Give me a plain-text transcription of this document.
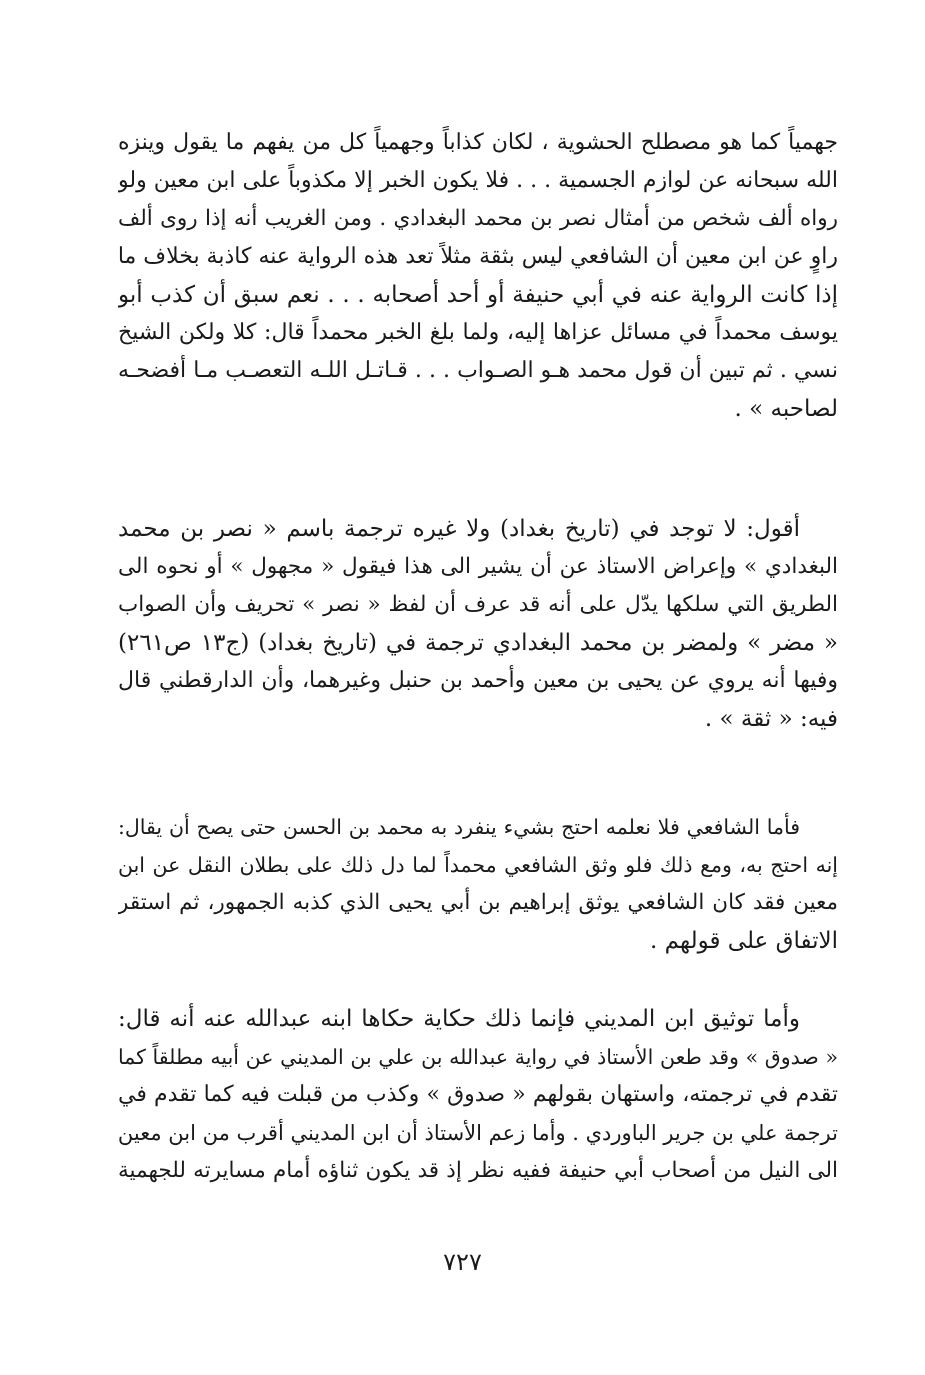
جهمياً كما هو مصطلح الحشوية ، لكان كذاباً وجهمياً كل من يفهم ما يقول وينزه
الله سبحانه عن لوازم الجسمية . . . فلا يكون الخبر إلا مكذوباً على ابن معين ولو
رواه ألف شخص من أمثال نصر بن محمد البغدادي . ومن الغريب أنه إذا روى ألف
راوٍ عن ابن معين أن الشافعي ليس بثقة مثلاً تعد هذه الرواية عنه كاذبة بخلاف ما
إذا كانت الرواية عنه في أبي حنيفة أو أحد أصحابه . . . نعم سبق أن كذب أبو
يوسف محمداً في مسائل عزاها إليه، ولما بلغ الخبر محمداً قال: كلا ولكن الشيخ
نسي . ثم تبين أن قول محمد هـو الصـواب . . . قـاتـل اللـه التعصـب مـا أفضحـه
لصاحبه » .
أقول: لا توجد في (تاريخ بغداد) ولا غيره ترجمة باسم « نصر بن محمد
البغدادي » وإعراض الاستاذ عن أن يشير الى هذا فيقول « مجهول » أو نحوه الى
الطريق التي سلكها يدّل على أنه قد عرف أن لفظ « نصر » تحريف وأن الصواب
« مضر » ولمضر بن محمد البغدادي ترجمة في (تاريخ بغداد) (ج١٣ ص٢٦١)
وفيها أنه يروي عن يحيى بن معين وأحمد بن حنبل وغيرهما، وأن الدارقطني قال
فيه: « ثقة » .
فأما الشافعي فلا نعلمه احتج بشيء ينفرد به محمد بن الحسن حتى يصح أن يقال:
إنه احتج به، ومع ذلك فلو وثق الشافعي محمداً لما دل ذلك على بطلان النقل عن ابن
معين فقد كان الشافعي يوثق إبراهيم بن أبي يحيى الذي كذبه الجمهور، ثم استقر
الاتفاق على قولهم .
وأما توثيق ابن المديني فإنما ذلك حكاية حكاها ابنه عبدالله عنه أنه قال:
« صدوق » وقد طعن الأستاذ في رواية عبدالله بن علي بن المديني عن أبيه مطلقاً كما
تقدم في ترجمته، واستهان بقولهم « صدوق » وكذب من قبلت فيه كما تقدم في
ترجمة علي بن جرير الباوردي . وأما زعم الأستاذ أن ابن المديني أقرب من ابن معين
الى النيل من أصحاب أبي حنيفة ففيه نظر إذ قد يكون ثناؤه أمام مسايرته للجهمية
٧٢٧
